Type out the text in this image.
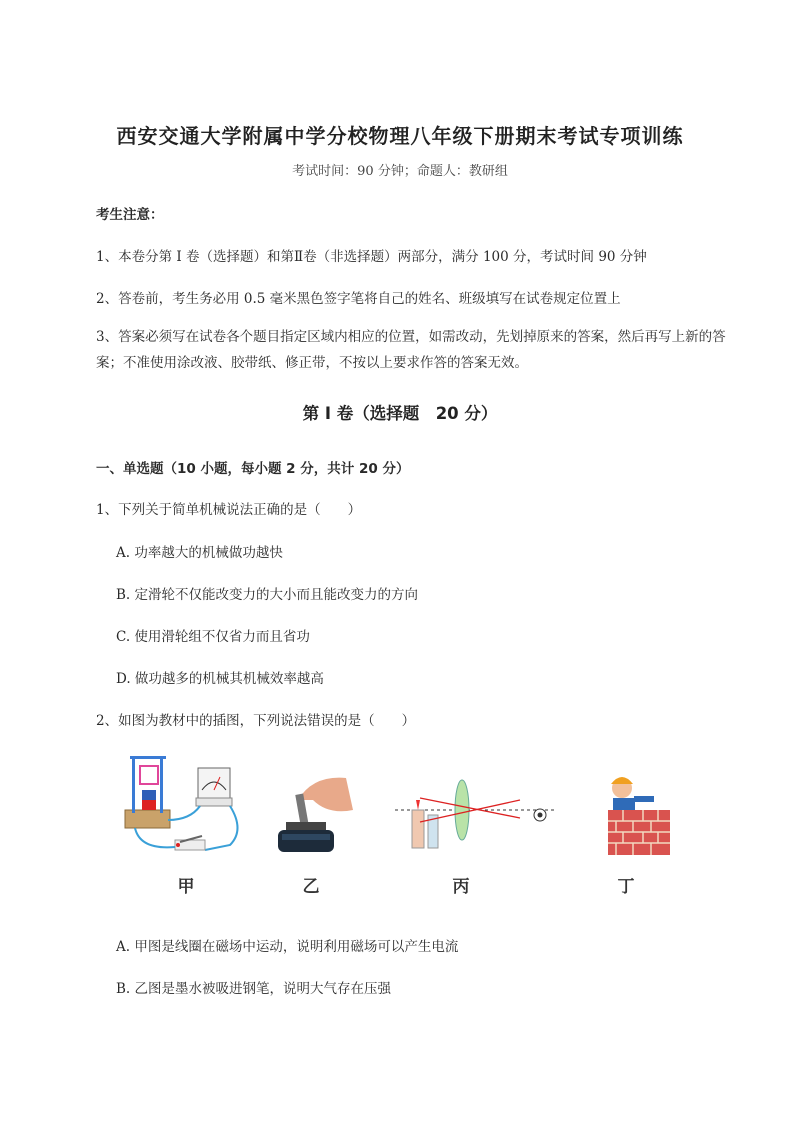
西安交通大学附属中学分校物理八年级下册期末考试专项训练
考试时间：90 分钟；命题人：教研组
考生注意：
1、本卷分第 I 卷（选择题）和第Ⅱ卷（非选择题）两部分，满分 100 分，考试时间 90 分钟
2、答卷前，考生务必用 0.5 毫米黑色签字笔将自己的姓名、班级填写在试卷规定位置上
3、答案必须写在试卷各个题目指定区域内相应的位置，如需改动，先划掉原来的答案，然后再写上新的答案；不准使用涂改液、胶带纸、修正带，不按以上要求作答的答案无效。
第 I 卷（选择题　20 分）
一、单选题（10 小题，每小题 2 分，共计 20 分）
1、下列关于简单机械说法正确的是（　　）
A. 功率越大的机械做功越快
B. 定滑轮不仅能改变力的大小而且能改变力的方向
C. 使用滑轮组不仅省力而且省功
D. 做功越多的机械其机械效率越高
2、如图为教材中的插图，下列说法错误的是（　　）
甲	乙	丙	丁
A. 甲图是线圈在磁场中运动，说明利用磁场可以产生电流
B. 乙图是墨水被吸进钢笔，说明大气存在压强
